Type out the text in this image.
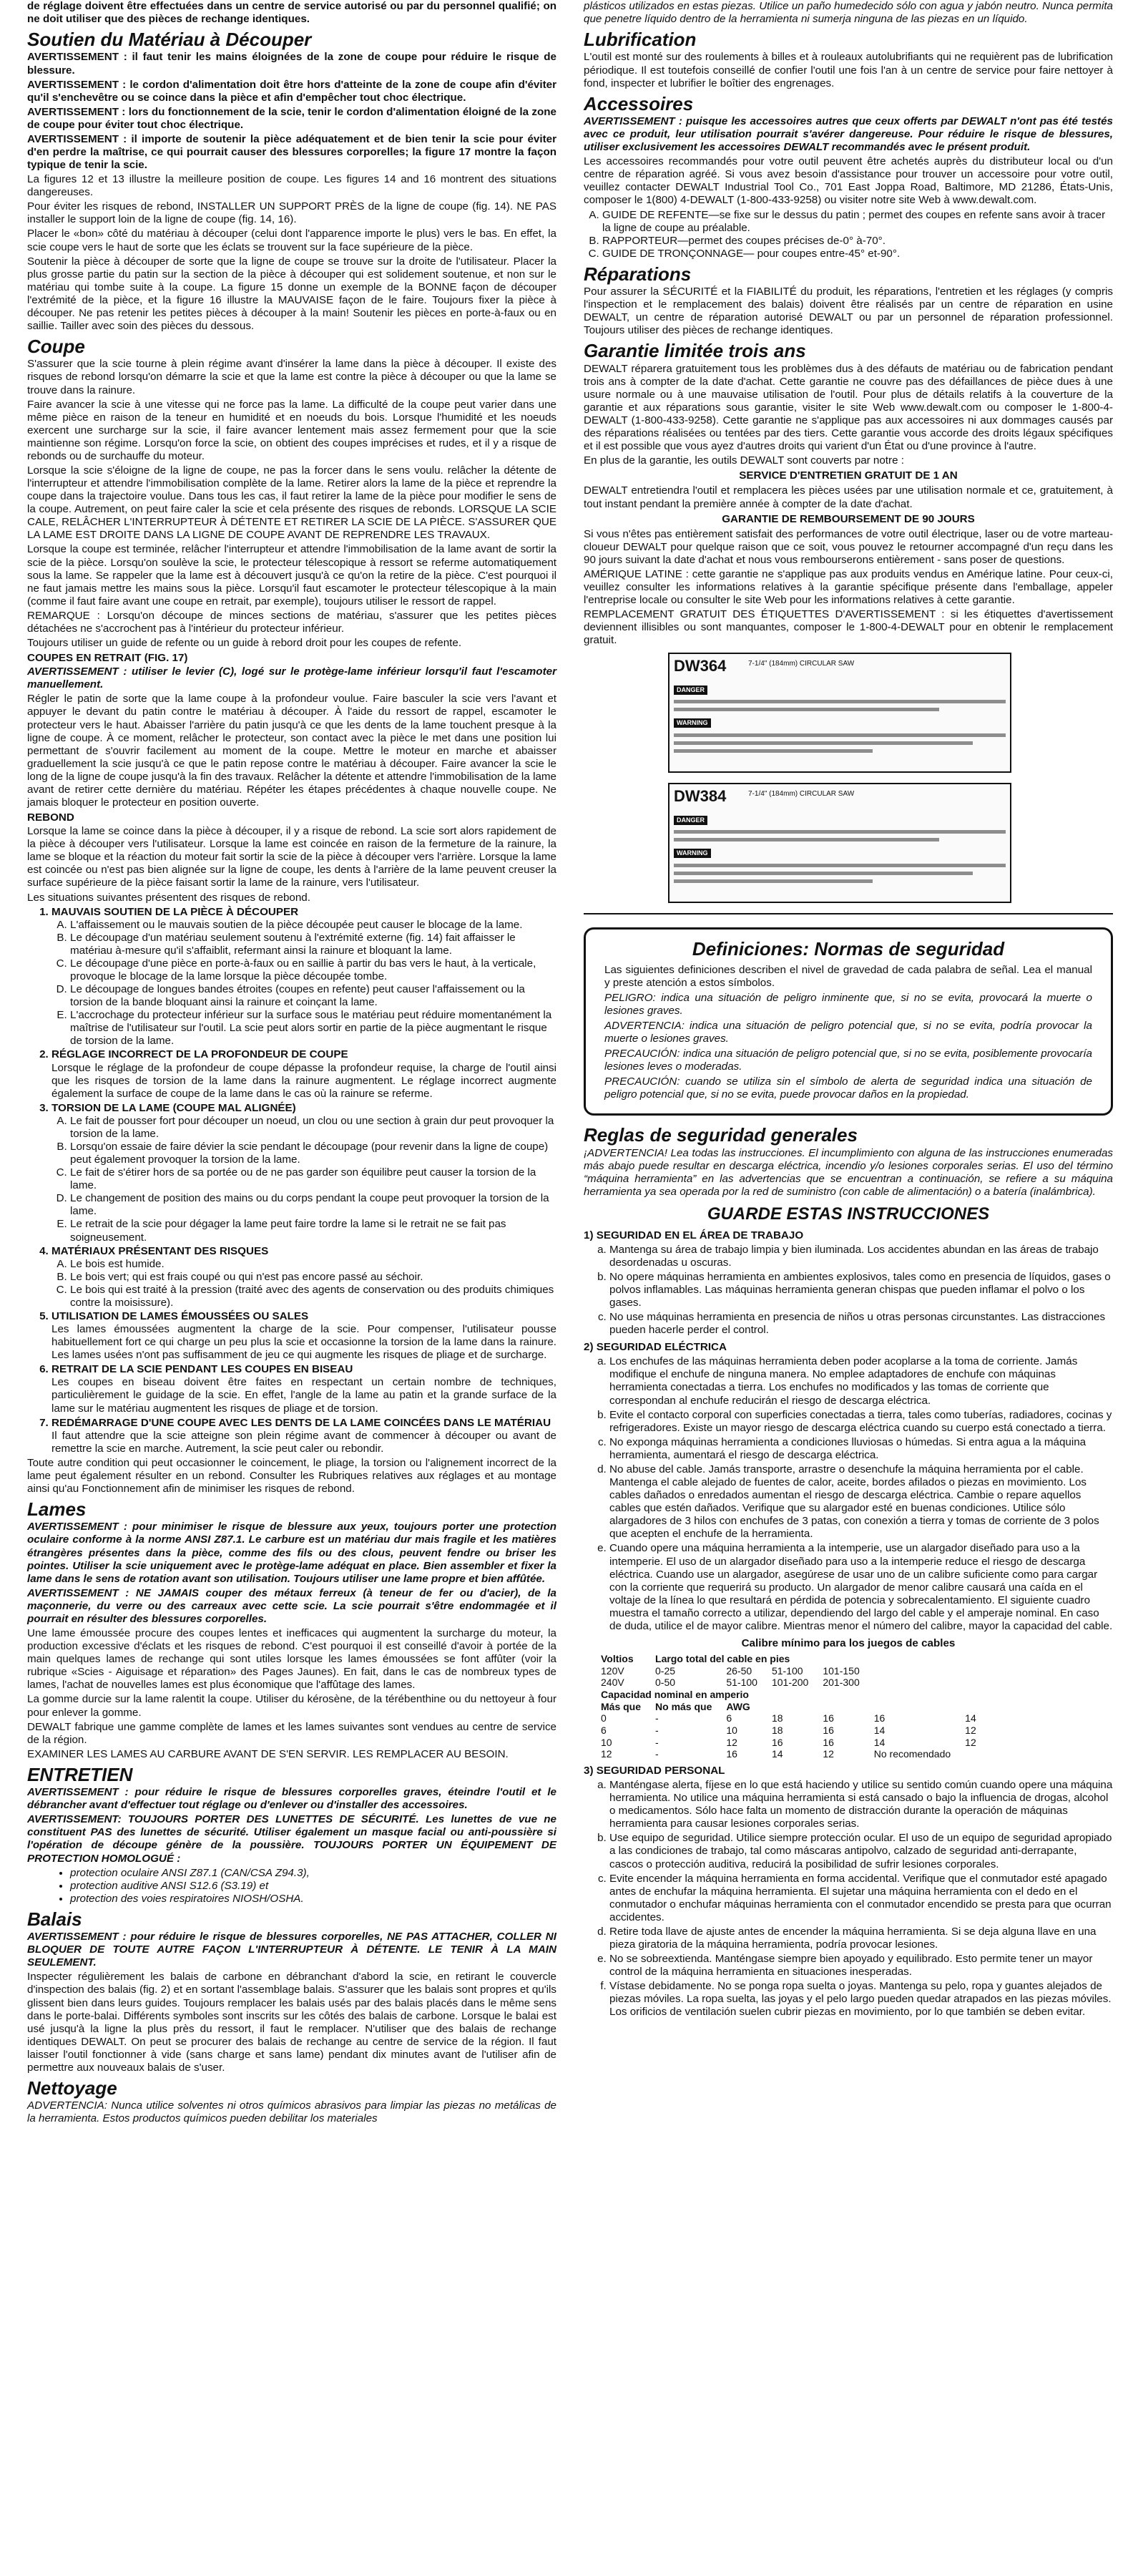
de réglage doivent être effectuées dans un centre de service autorisé ou par du personnel qualifié; on ne doit utiliser que des pièces de rechange identiques.

Soutien du Matériau à Découper

AVERTISSEMENT : il faut tenir les mains éloignées de la zone de coupe pour réduire le risque de blessure.

AVERTISSEMENT : le cordon d'alimentation doit être hors d'atteinte de la zone de coupe afin d'éviter qu'il s'enchevêtre ou se coince dans la pièce et afin d'empêcher tout choc électrique.

AVERTISSEMENT : lors du fonctionnement de la scie, tenir le cordon d'alimentation éloigné de la zone de coupe pour éviter tout choc électrique.

AVERTISSEMENT : il importe de soutenir la pièce adéquatement et de bien tenir la scie pour éviter d'en perdre la maîtrise, ce qui pourrait causer des blessures corporelles; la figure 17 montre la façon typique de tenir la scie.

La figures 12 et 13 illustre la meilleure position de coupe. Les figures 14 and 16 montrent des situations dangereuses.

Pour éviter les risques de rebond, INSTALLER UN SUPPORT PRÈS de la ligne de coupe (fig. 14). NE PAS installer le support loin de la ligne de coupe (fig. 14, 16).

Placer le «bon» côté du matériau à découper (celui dont l'apparence importe le plus) vers le bas. En effet, la scie coupe vers le haut de sorte que les éclats se trouvent sur la face supérieure de la pièce.

Soutenir la pièce à découper de sorte que la ligne de coupe se trouve sur la droite de l'utilisateur. Placer la plus grosse partie du patin sur la section de la pièce à découper qui est solidement soutenue, et non sur le matériau qui tombe suite à la coupe. La figure 15 donne un exemple de la BONNE façon de découper l'extrémité de la pièce, et la figure 16 illustre la MAUVAISE façon de le faire. Toujours fixer la pièce à découper. Ne pas retenir les petites pièces à découper à la main! Soutenir les pièces en porte-à-faux ou en saillie. Tailler avec soin des pièces du dessous.

Coupe

S'assurer que la scie tourne à plein régime avant d'insérer la lame dans la pièce à découper. Il existe des risques de rebond lorsqu'on démarre la scie et que la lame est contre la pièce à découper ou que la lame se trouve dans la rainure.

Faire avancer la scie à une vitesse qui ne force pas la lame. La difficulté de la coupe peut varier dans une même pièce en raison de la teneur en humidité et en noeuds du bois. Lorsque l'humidité et les noeuds exercent une surcharge sur la scie, il faire avancer lentement mais assez fermement pour que la scie maintienne son régime. Lorsqu'on force la scie, on obtient des coupes imprécises et rudes, et il y a risque de rebonds ou de surchauffe du moteur.

Lorsque la scie s'éloigne de la ligne de coupe, ne pas la forcer dans le sens voulu. relâcher la détente de l'interrupteur et attendre l'immobilisation complète de la lame. Retirer alors la lame de la pièce et reprendre la coupe dans la trajectoire voulue. Dans tous les cas, il faut retirer la lame de la pièce pour modifier le sens de la coupe. Autrement, on peut faire caler la scie et cela présente des risques de rebonds. LORSQUE LA SCIE CALE, RELÂCHER L'INTERRUPTEUR À DÉTENTE ET RETIRER LA SCIE DE LA PIÈCE. S'ASSURER QUE LA LAME EST DROITE DANS LA LIGNE DE COUPE AVANT DE REPRENDRE LES TRAVAUX.

Lorsque la coupe est terminée, relâcher l'interrupteur et attendre l'immobilisation de la lame avant de sortir la scie de la pièce. Lorsqu'on soulève la scie, le protecteur télescopique à ressort se referme automatiquement sous la lame. Se rappeler que la lame est à découvert jusqu'à ce qu'on la retire de la pièce. C'est pourquoi il ne faut jamais mettre les mains sous la pièce. Lorsqu'il faut escamoter le protecteur télescopique à la main (comme il faut faire avant une coupe en retrait, par exemple), toujours utiliser le ressort de rappel.

REMARQUE : Lorsqu'on découpe de minces sections de matériau, s'assurer que les petites pièces détachées ne s'accrochent pas à l'intérieur du protecteur inférieur.

Toujours utiliser un guide de refente ou un guide à rebord droit pour les coupes de refente.

COUPES EN RETRAIT (FIG. 17)

AVERTISSEMENT : utiliser le levier (C), logé sur le protège-lame inférieur lorsqu'il faut l'escamoter manuellement.

Régler le patin de sorte que la lame coupe à la profondeur voulue. Faire basculer la scie vers l'avant et appuyer le devant du patin contre le matériau à découper. À l'aide du ressort de rappel, escamoter le protecteur vers le haut. Abaisser l'arrière du patin jusqu'à ce que les dents de la lame touchent presque à la ligne de coupe. À ce moment, relâcher le protecteur, son contact avec la pièce le met dans une position lui permettant de s'ouvrir facilement au moment de la coupe. Mettre le moteur en marche et abaisser graduellement la scie jusqu'à ce que le patin repose contre le matériau à découper. Faire avancer la scie le long de la ligne de coupe jusqu'à la fin des travaux. Relâcher la détente et attendre l'immobilisation de la lame avant de retirer cette dernière du matériau. Répéter les étapes précédentes à chaque nouvelle coupe. Ne jamais bloquer le protecteur en position ouverte.

REBOND

Lorsque la lame se coince dans la pièce à découper, il y a risque de rebond. La scie sort alors rapidement de la pièce à découper vers l'utilisateur. Lorsque la lame est coincée en raison de la fermeture de la rainure, la lame se bloque et la réaction du moteur fait sortir la scie de la pièce à découper vers l'arrière. Lorsque la lame est coincée ou n'est pas bien alignée sur la ligne de coupe, les dents à l'arrière de la lame peuvent creuser la surface supérieure de la pièce faisant sortir la lame de la rainure, vers l'utilisateur.

Les situations suivantes présentent des risques de rebond.

1. MAUVAIS SOUTIEN DE LA PIÈCE À DÉCOUPER
A. L'affaissement ou le mauvais soutien de la pièce découpée peut causer le blocage de la lame.
B. Le découpage d'un matériau seulement soutenu à l'extrémité externe (fig. 14) fait affaisser le matériau à-mesure qu'il s'affaiblit, refermant ainsi la rainure et bloquant la lame.
C. Le découpage d'une pièce en porte-à-faux ou en saillie à partir du bas vers le haut, à la verticale, provoque le blocage de la lame lorsque la pièce découpée tombe.
D. Le découpage de longues bandes étroites (coupes en refente) peut causer l'affaissement ou la torsion de la bande bloquant ainsi la rainure et coinçant la lame.
E. L'accrochage du protecteur inférieur sur la surface sous le matériau peut réduire momentanément la maîtrise de l'utilisateur sur l'outil. La scie peut alors sortir en partie de la pièce augmentant le risque de torsion de la lame.
2. RÉGLAGE INCORRECT DE LA PROFONDEUR DE COUPE

Lorsque le réglage de la profondeur de coupe dépasse la profondeur requise, la charge de l'outil ainsi que les risques de torsion de la lame dans la rainure augmentent. Le réglage incorrect augmente également la surface de coupe de la lame dans le cas où la rainure se referme.

3. TORSION DE LA LAME (COUPE MAL ALIGNÉE)
A. Le fait de pousser fort pour découper un noeud, un clou ou une section à grain dur peut provoquer la torsion de la lame.
B. Lorsqu'on essaie de faire dévier la scie pendant le découpage (pour revenir dans la ligne de coupe) peut également provoquer la torsion de la lame.
C. Le fait de s'étirer hors de sa portée ou de ne pas garder son équilibre peut causer la torsion de la lame.
D. Le changement de position des mains ou du corps pendant la coupe peut provoquer la torsion de la lame.
E. Le retrait de la scie pour dégager la lame peut faire tordre la lame si le retrait ne se fait pas soigneusement.
4. MATÉRIAUX PRÉSENTANT DES RISQUES
A. Le bois est humide.
B. Le bois vert; qui est frais coupé ou qui n'est pas encore passé au séchoir.
C. Le bois qui est traité à la pression (traité avec des agents de conservation ou des produits chimiques contre la moisissure).
5. UTILISATION DE LAMES ÉMOUSSÉES OU SALES

Les lames émoussées augmentent la charge de la scie. Pour compenser, l'utilisateur pousse habituellement fort ce qui charge un peu plus la scie et occasionne la torsion de la lame dans la rainure. Les lames usées n'ont pas suffisamment de jeu ce qui augmente les risques de pliage et de surcharge.

6. RETRAIT DE LA SCIE PENDANT LES COUPES EN BISEAU

Les coupes en biseau doivent être faites en respectant un certain nombre de techniques, particulièrement le guidage de la scie. En effet, l'angle de la lame au patin et la grande surface de la lame sur le matériau augmentent les risques de pliage et de torsion.

7. REDÉMARRAGE D'UNE COUPE AVEC LES DENTS DE LA LAME COINCÉES DANS LE MATÉRIAU

Il faut attendre que la scie atteigne son plein régime avant de commencer à découper ou avant de remettre la scie en marche. Autrement, la scie peut caler ou rebondir.

Toute autre condition qui peut occasionner le coincement, le pliage, la torsion ou l'alignement incorrect de la lame peut également résulter en un rebond. Consulter les Rubriques relatives aux réglages et au montage ainsi qu'au Fonctionnement afin de minimiser les risques de rebond.

Lames

AVERTISSEMENT : pour minimiser le risque de blessure aux yeux, toujours porter une protection oculaire conforme à la norme ANSI Z87.1. Le carbure est un matériau dur mais fragile et les matières étrangères présentes dans la pièce, comme des fils ou des clous, peuvent fendre ou briser les pointes. Utiliser la scie uniquement avec le protège-lame adéquat en place. Bien assembler et fixer la lame dans le sens de rotation avant son utilisation. Toujours utiliser une lame propre et bien affûtée.

AVERTISSEMENT : NE JAMAIS couper des métaux ferreux (à teneur de fer ou d'acier), de la maçonnerie, du verre ou des carreaux avec cette scie. La scie pourrait s'être endommagée et il pourrait en résulter des blessures corporelles.

Une lame émoussée procure des coupes lentes et inefficaces qui augmentent la surcharge du moteur, la production excessive d'éclats et les risques de rebond. C'est pourquoi il est conseillé d'avoir à portée de la main quelques lames de rechange qui sont utiles lorsque les lames émoussées se font affûter (voir la rubrique «Scies - Aiguisage et réparation» des Pages Jaunes). En fait, dans le cas de nombreux types de lames, l'achat de nouvelles lames est plus économique que l'affûtage des lames.

La gomme durcie sur la lame ralentit la coupe. Utiliser du kérosène, de la térébenthine ou du nettoyeur à four pour enlever la gomme.

DEWALT fabrique une gamme complète de lames et les lames suivantes sont vendues au centre de service de la région.

EXAMINER LES LAMES AU CARBURE AVANT DE S'EN SERVIR. LES REMPLACER AU BESOIN.

ENTRETIEN

AVERTISSEMENT : pour réduire le risque de blessures corporelles graves, éteindre l'outil et le débrancher avant d'effectuer tout réglage ou d'enlever ou d'installer des accessoires.

AVERTISSEMENT: TOUJOURS PORTER DES LUNETTES DE SÉCURITÉ. Les lunettes de vue ne constituent PAS des lunettes de sécurité. Utiliser également un masque facial ou anti-poussière si l'opération de découpe génère de la poussière. TOUJOURS PORTER UN ÉQUIPEMENT DE PROTECTION HOMOLOGUÉ :

• protection oculaire ANSI Z87.1 (CAN/CSA Z94.3),
• protection auditive ANSI S12.6 (S3.19) et
• protection des voies respiratoires NIOSH/OSHA.
Balais

AVERTISSEMENT : pour réduire le risque de blessures corporelles, NE PAS ATTACHER, COLLER NI BLOQUER DE TOUTE AUTRE FAÇON L'INTERRUPTEUR À DÉTENTE. LE TENIR À LA MAIN SEULEMENT.

Inspecter régulièrement les balais de carbone en débranchant d'abord la scie, en retirant le couvercle d'inspection des balais (fig. 2) et en sortant l'assemblage balais. S'assurer que les balais sont propres et qu'ils glissent bien dans leurs guides. Toujours remplacer les balais usés par des balais placés dans le même sens dans le porte-balai. Différents symboles sont inscrits sur les côtés des balais de carbone. Lorsque le balai est usé jusqu'à la ligne la plus près du ressort, il faut le remplacer. N'utiliser que des balais de rechange identiques DEWALT. On peut se procurer des balais de rechange au centre de service de la région. Il faut laisser l'outil fonctionner à vide (sans charge et sans lame) pendant dix minutes avant de l'utiliser afin de permettre aux nouveaux balais de s'user.

Nettoyage

ADVERTENCIA: Nunca utilice solventes ni otros químicos abrasivos para limpiar las piezas no metálicas de la herramienta. Estos productos químicos pueden debilitar los materiales

plásticos utilizados en estas piezas. Utilice un paño humedecido sólo con agua y jabón neutro. Nunca permita que penetre líquido dentro de la herramienta ni sumerja ninguna de las piezas en un líquido.

Lubrification

L'outil est monté sur des roulements à billes et à rouleaux autolubrifiants qui ne requièrent pas de lubrification périodique. Il est toutefois conseillé de confier l'outil une fois l'an à un centre de service pour faire nettoyer à fond, inspecter et lubrifier le boîtier des engrenages.

Accessoires

AVERTISSEMENT : puisque les accessoires autres que ceux offerts par DEWALT n'ont pas été testés avec ce produit, leur utilisation pourrait s'avérer dangereuse. Pour réduire le risque de blessures, utiliser exclusivement les accessoires DEWALT recommandés avec le présent produit.

Les accessoires recommandés pour votre outil peuvent être achetés auprès du distributeur local ou d'un centre de réparation agréé. Si vous avez besoin d'assistance pour trouver un accessoire pour votre outil, veuillez contacter DEWALT Industrial Tool Co., 701 East Joppa Road, Baltimore, MD 21286, États-Unis, composer le 1(800) 4-DEWALT (1-800-433-9258) ou visiter notre site Web à www.dewalt.com.

A. GUIDE DE REFENTE—se fixe sur le dessus du patin ; permet des coupes en refente sans avoir à tracer la ligne de coupe au préalable.
B. RAPPORTEUR—permet des coupes précises de-0° à-70°.
C. GUIDE DE TRONÇONNAGE— pour coupes entre-45° et-90°.
Réparations

Pour assurer la SÉCURITÉ et la FIABILITÉ du produit, les réparations, l'entretien et les réglages (y compris l'inspection et le remplacement des balais) doivent être réalisés par un centre de réparation en usine DEWALT, un centre de réparation autorisé DEWALT ou par un personnel de réparation professionnel. Toujours utiliser des pièces de rechange identiques.

Garantie limitée trois ans

DEWALT réparera gratuitement tous les problèmes dus à des défauts de matériau ou de fabrication pendant trois ans à compter de la date d'achat. Cette garantie ne couvre pas des défaillances de pièce dues à une usure normale ou à une mauvaise utilisation de l'outil. Pour plus de détails relatifs à la couverture de la garantie et aux réparations sous garantie, visiter le site Web www.dewalt.com ou composer le 1-800-4-DEWALT (1-800-433-9258). Cette garantie ne s'applique pas aux accessoires ni aux dommages causés par des réparations réalisées ou tentées par des tiers. Cette garantie vous accorde des droits légaux spécifiques et il est possible que vous ayez d'autres droits qui varient d'un État ou d'une province à l'autre.

En plus de la garantie, les outils DEWALT sont couverts par notre :

SERVICE D'ENTRETIEN GRATUIT DE 1 AN

DEWALT entretiendra l'outil et remplacera les pièces usées par une utilisation normale et ce, gratuitement, à tout instant pendant la première année à compter de la date d'achat.

GARANTIE DE REMBOURSEMENT DE 90 JOURS

Si vous n'êtes pas entièrement satisfait des performances de votre outil électrique, laser ou de votre marteau-cloueur DEWALT pour quelque raison que ce soit, vous pouvez le retourner accompagné d'un reçu dans les 90 jours suivant la date d'achat et nous vous rembourserons entièrement - sans poser de questions.

AMÉRIQUE LATINE : cette garantie ne s'applique pas aux produits vendus en Amérique latine. Pour ceux-ci, veuillez consulter les informations relatives à la garantie spécifique présente dans l'emballage, appeler l'entreprise locale ou consulter le site Web pour les informations relatives à cette garantie.

REMPLACEMENT GRATUIT DES ÉTIQUETTES D'AVERTISSEMENT : si les étiquettes d'avertissement deviennent illisibles ou sont manquantes, composer le 1-800-4-DEWALT pour en obtenir le remplacement gratuit.

DW364	7-1/4" (184mm) CIRCULAR SAW
DANGER
WARNING
DW384	7-1/4" (184mm) CIRCULAR SAW
DANGER
WARNING
Definiciones: Normas de seguridad

Las siguientes definiciones describen el nivel de gravedad de cada palabra de señal. Lea el manual y preste atención a estos símbolos.

PELIGRO: indica una situación de peligro inminente que, si no se evita, provocará la muerte o lesiones graves.

ADVERTENCIA: indica una situación de peligro potencial que, si no se evita, podría provocar la muerte o lesiones graves.

PRECAUCIÓN: indica una situación de peligro potencial que, si no se evita, posiblemente provocaría lesiones leves o moderadas.

PRECAUCIÓN: cuando se utiliza sin el símbolo de alerta de seguridad indica una situación de peligro potencial que, si no se evita, puede provocar daños en la propiedad.

Reglas de seguridad generales

¡ADVERTENCIA! Lea todas las instrucciones. El incumplimiento con alguna de las instrucciones enumeradas más abajo puede resultar en descarga eléctrica, incendio y/o lesiones corporales serias. El uso del término “máquina herramienta” en las advertencias que se encuentran a continuación, se refiere a su máquina herramienta ya sea operada por la red de suministro (con cable de alimentación) o a batería (inalámbrica).

GUARDE ESTAS INSTRUCCIONES
1) SEGURIDAD EN EL ÁREA DE TRABAJO
a. Mantenga su área de trabajo limpia y bien iluminada. Los accidentes abundan en las áreas de trabajo desordenadas u oscuras.
b. No opere máquinas herramienta en ambientes explosivos, tales como en presencia de líquidos, gases o polvos inflamables. Las máquinas herramienta generan chispas que pueden inflamar el polvo o los gases.
c. No use máquinas herramienta en presencia de niños u otras personas circunstantes. Las distracciones pueden hacerle perder el control.
2) SEGURIDAD ELÉCTRICA
a. Los enchufes de las máquinas herramienta deben poder acoplarse a la toma de corriente. Jamás modifique el enchufe de ninguna manera. No emplee adaptadores de enchufe con máquinas herramienta conectadas a tierra. Los enchufes no modificados y las tomas de corriente que correspondan al enchufe reducirán el riesgo de descarga eléctrica.
b. Evite el contacto corporal con superficies conectadas a tierra, tales como tuberías, radiadores, cocinas y refrigeradores. Existe un mayor riesgo de descarga eléctrica cuando su cuerpo está conectado a tierra.
c. No exponga máquinas herramienta a condiciones lluviosas o húmedas. Si entra agua a la máquina herramienta, aumentará el riesgo de descarga eléctrica.
d. No abuse del cable. Jamás transporte, arrastre o desenchufe la máquina herramienta por el cable. Mantenga el cable alejado de fuentes de calor, aceite, bordes afilados o piezas en movimiento. Los cables dañados o enredados aumentan el riesgo de descarga eléctrica. Cambie o repare aquellos cables que estén dañados. Verifique que su alargador esté en buenas condiciones. Utilice sólo alargadores de 3 hilos con enchufes de 3 patas, con conexión a tierra y tomas de corriente de 3 polos que acepten el enchufe de la herramienta.
e. Cuando opere una máquina herramienta a la intemperie, use un alargador diseñado para uso a la intemperie. El uso de un alargador diseñado para uso a la intemperie reduce el riesgo de descarga eléctrica. Cuando use un alargador, asegúrese de usar uno de un calibre suficiente como para cargar con la corriente que requerirá su producto. Un alargador de menor calibre causará una caída en el voltaje de la línea lo que resultará en pérdida de potencia y sobrecalentamiento. El siguiente cuadro muestra el tamaño correcto a utilizar, dependiendo del largo del cable y el amperaje nominal. En caso de duda, utilice el de mayor calibre. Mientras menor el número del calibre, mayor la capacidad del cable.
Calibre mínimo para los juegos de cables
Voltios	Largo total del cable en pies					
120V	0-25	26-50	51-100	101-150		
240V	0-50	51-100	101-200	201-300		
Capacidad nominal en amperio						
Más que	No más que	AWG				
0	-	6	18	16	16	14
6	-	10	18	16	14	12
10	-	12	16	16	14	12
12	-	16	14	12	No recomendado	
3) SEGURIDAD PERSONAL
a. Manténgase alerta, fíjese en lo que está haciendo y utilice su sentido común cuando opere una máquina herramienta. No utilice una máquina herramienta si está cansado o bajo la influencia de drogas, alcohol o medicamentos. Sólo hace falta un momento de distracción durante la operación de máquinas herramienta para causar lesiones corporales serias.
b. Use equipo de seguridad. Utilice siempre protección ocular. El uso de un equipo de seguridad apropiado a las condiciones de trabajo, tal como máscaras antipolvo, calzado de seguridad anti-derrapante, cascos o protección auditiva, reducirá la posibilidad de sufrir lesiones corporales.
c. Evite encender la máquina herramienta en forma accidental. Verifique que el conmutador esté apagado antes de enchufar la máquina herramienta. El sujetar una máquina herramienta con el dedo en el conmutador o enchufar máquinas herramienta con el conmutador encendido se presta para que ocurran accidentes.
d. Retire toda llave de ajuste antes de encender la máquina herramienta. Si se deja alguna llave en una pieza giratoria de la máquina herramienta, podría provocar lesiones.
e. No se sobreextienda. Manténgase siempre bien apoyado y equilibrado. Esto permite tener un mayor control de la máquina herramienta en situaciones inesperadas.
f. Vístase debidamente. No se ponga ropa suelta o joyas. Mantenga su pelo, ropa y guantes alejados de piezas móviles. La ropa suelta, las joyas y el pelo largo pueden quedar atrapados en las piezas móviles. Los orificios de ventilación suelen cubrir piezas en movimiento, por lo que también se deben evitar.
